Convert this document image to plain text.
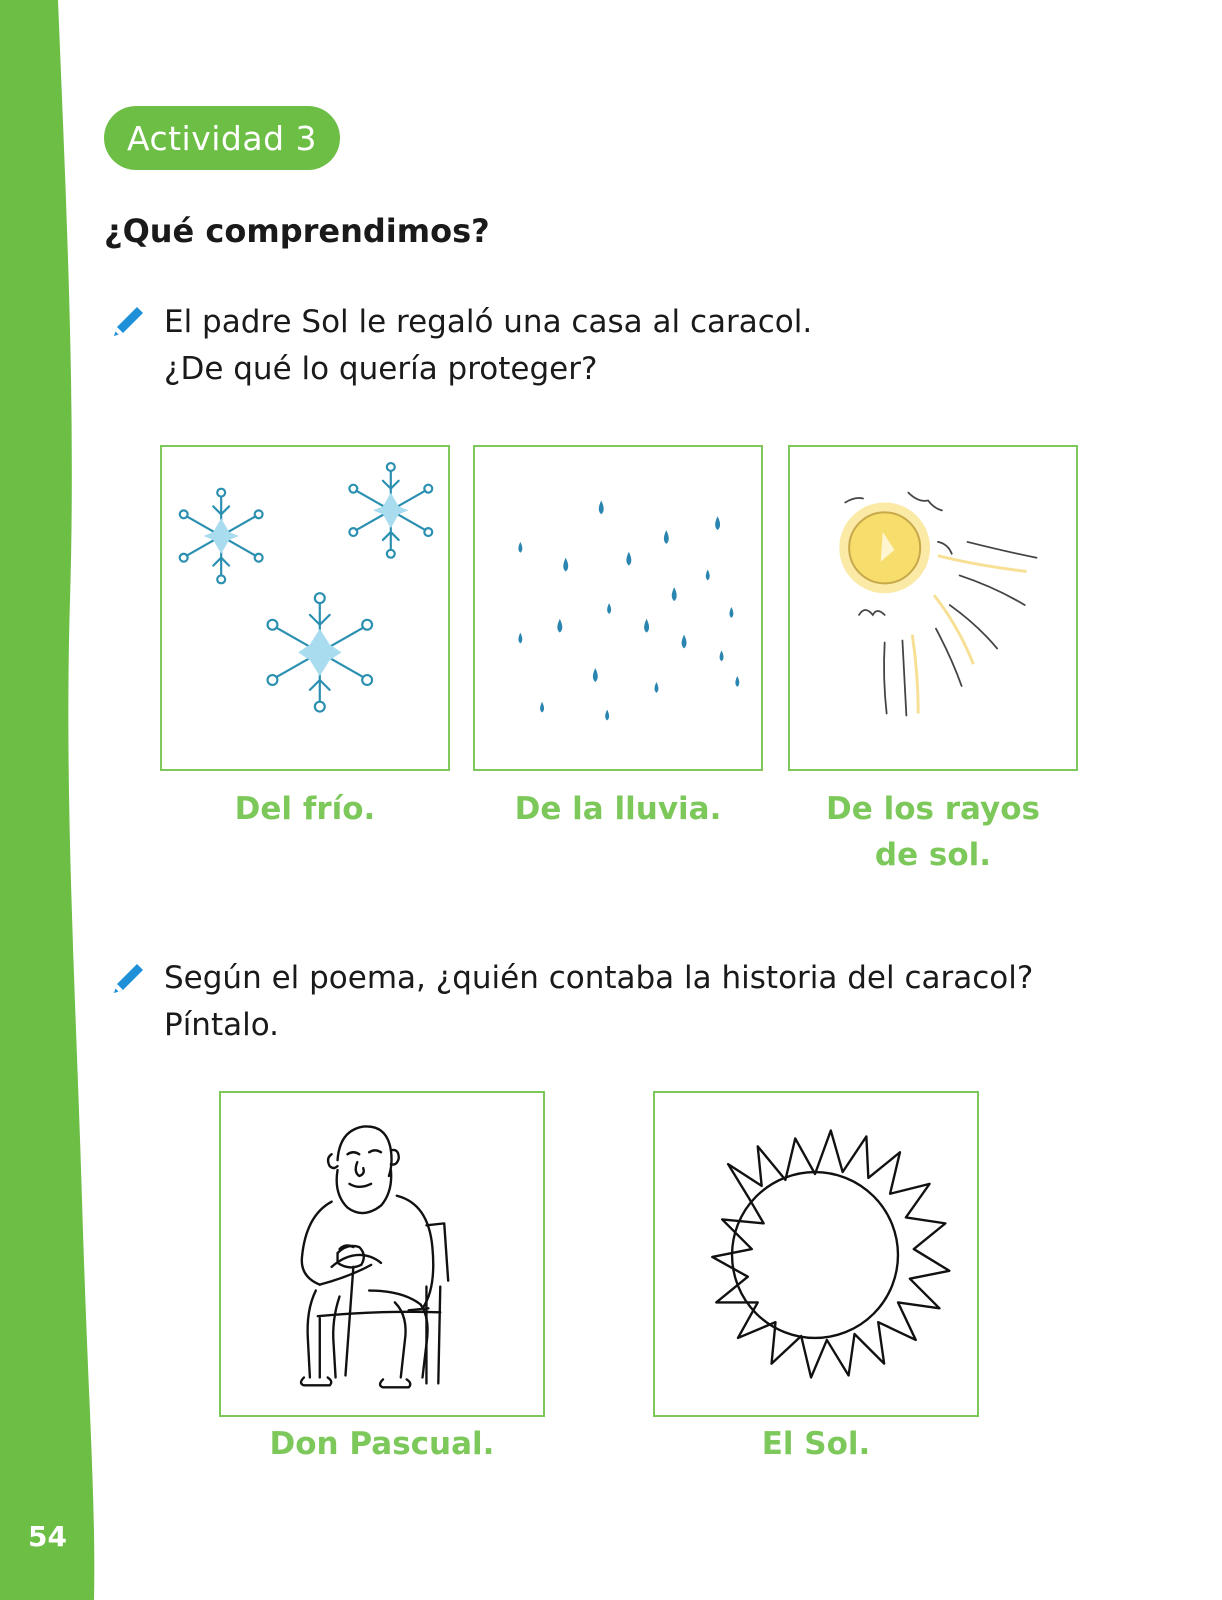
54
Actividad 3
¿Qué comprendimos?
El padre Sol le regaló una casa al caracol.
¿De qué lo quería proteger?
Del frío.	De la lluvia.	De los rayos
de sol.
Según el poema, ¿quién contaba la historia del caracol?
Píntalo.
Don Pascual.	El Sol.
